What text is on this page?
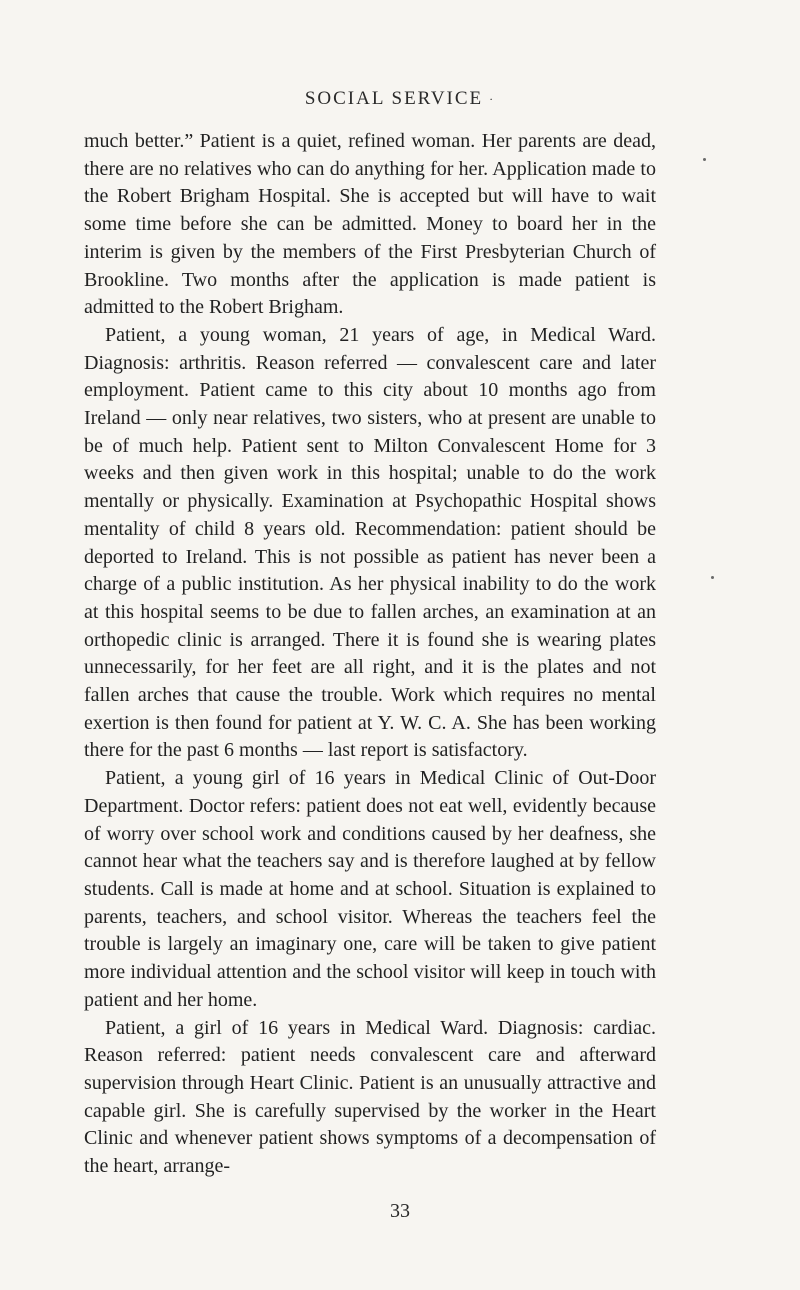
SOCIAL SERVICE ·

much better.” Patient is a quiet, refined woman. Her parents are dead, there are no relatives who can do anything for her. Application made to the Robert Brigham Hospital. She is accepted but will have to wait some time before she can be admitted. Money to board her in the interim is given by the members of the First Presbyterian Church of Brookline. Two months after the application is made patient is admitted to the Robert Brigham.

Patient, a young woman, 21 years of age, in Medical Ward. Diagnosis: arthritis. Reason referred — convalescent care and later employment. Patient came to this city about 10 months ago from Ireland — only near relatives, two sisters, who at present are unable to be of much help. Patient sent to Milton Convalescent Home for 3 weeks and then given work in this hospital; unable to do the work mentally or physically. Examination at Psychopathic Hospital shows mentality of child 8 years old. Recommendation: patient should be deported to Ireland. This is not possible as patient has never been a charge of a public institution. As her physical inability to do the work at this hospital seems to be due to fallen arches, an examination at an orthopedic clinic is arranged. There it is found she is wearing plates unnecessarily, for her feet are all right, and it is the plates and not fallen arches that cause the trouble. Work which requires no mental exertion is then found for patient at Y. W. C. A. She has been working there for the past 6 months — last report is satisfactory.

Patient, a young girl of 16 years in Medical Clinic of Out-Door Department. Doctor refers: patient does not eat well, evidently because of worry over school work and conditions caused by her deafness, she cannot hear what the teachers say and is therefore laughed at by fellow students. Call is made at home and at school. Situation is explained to parents, teachers, and school visitor. Whereas the teachers feel the trouble is largely an imaginary one, care will be taken to give patient more individual attention and the school visitor will keep in touch with patient and her home.

Patient, a girl of 16 years in Medical Ward. Diagnosis: cardiac. Reason referred: patient needs convalescent care and afterward supervision through Heart Clinic. Patient is an unusually attractive and capable girl. She is carefully supervised by the worker in the Heart Clinic and whenever patient shows symptoms of a decompensation of the heart, arrange-

33
